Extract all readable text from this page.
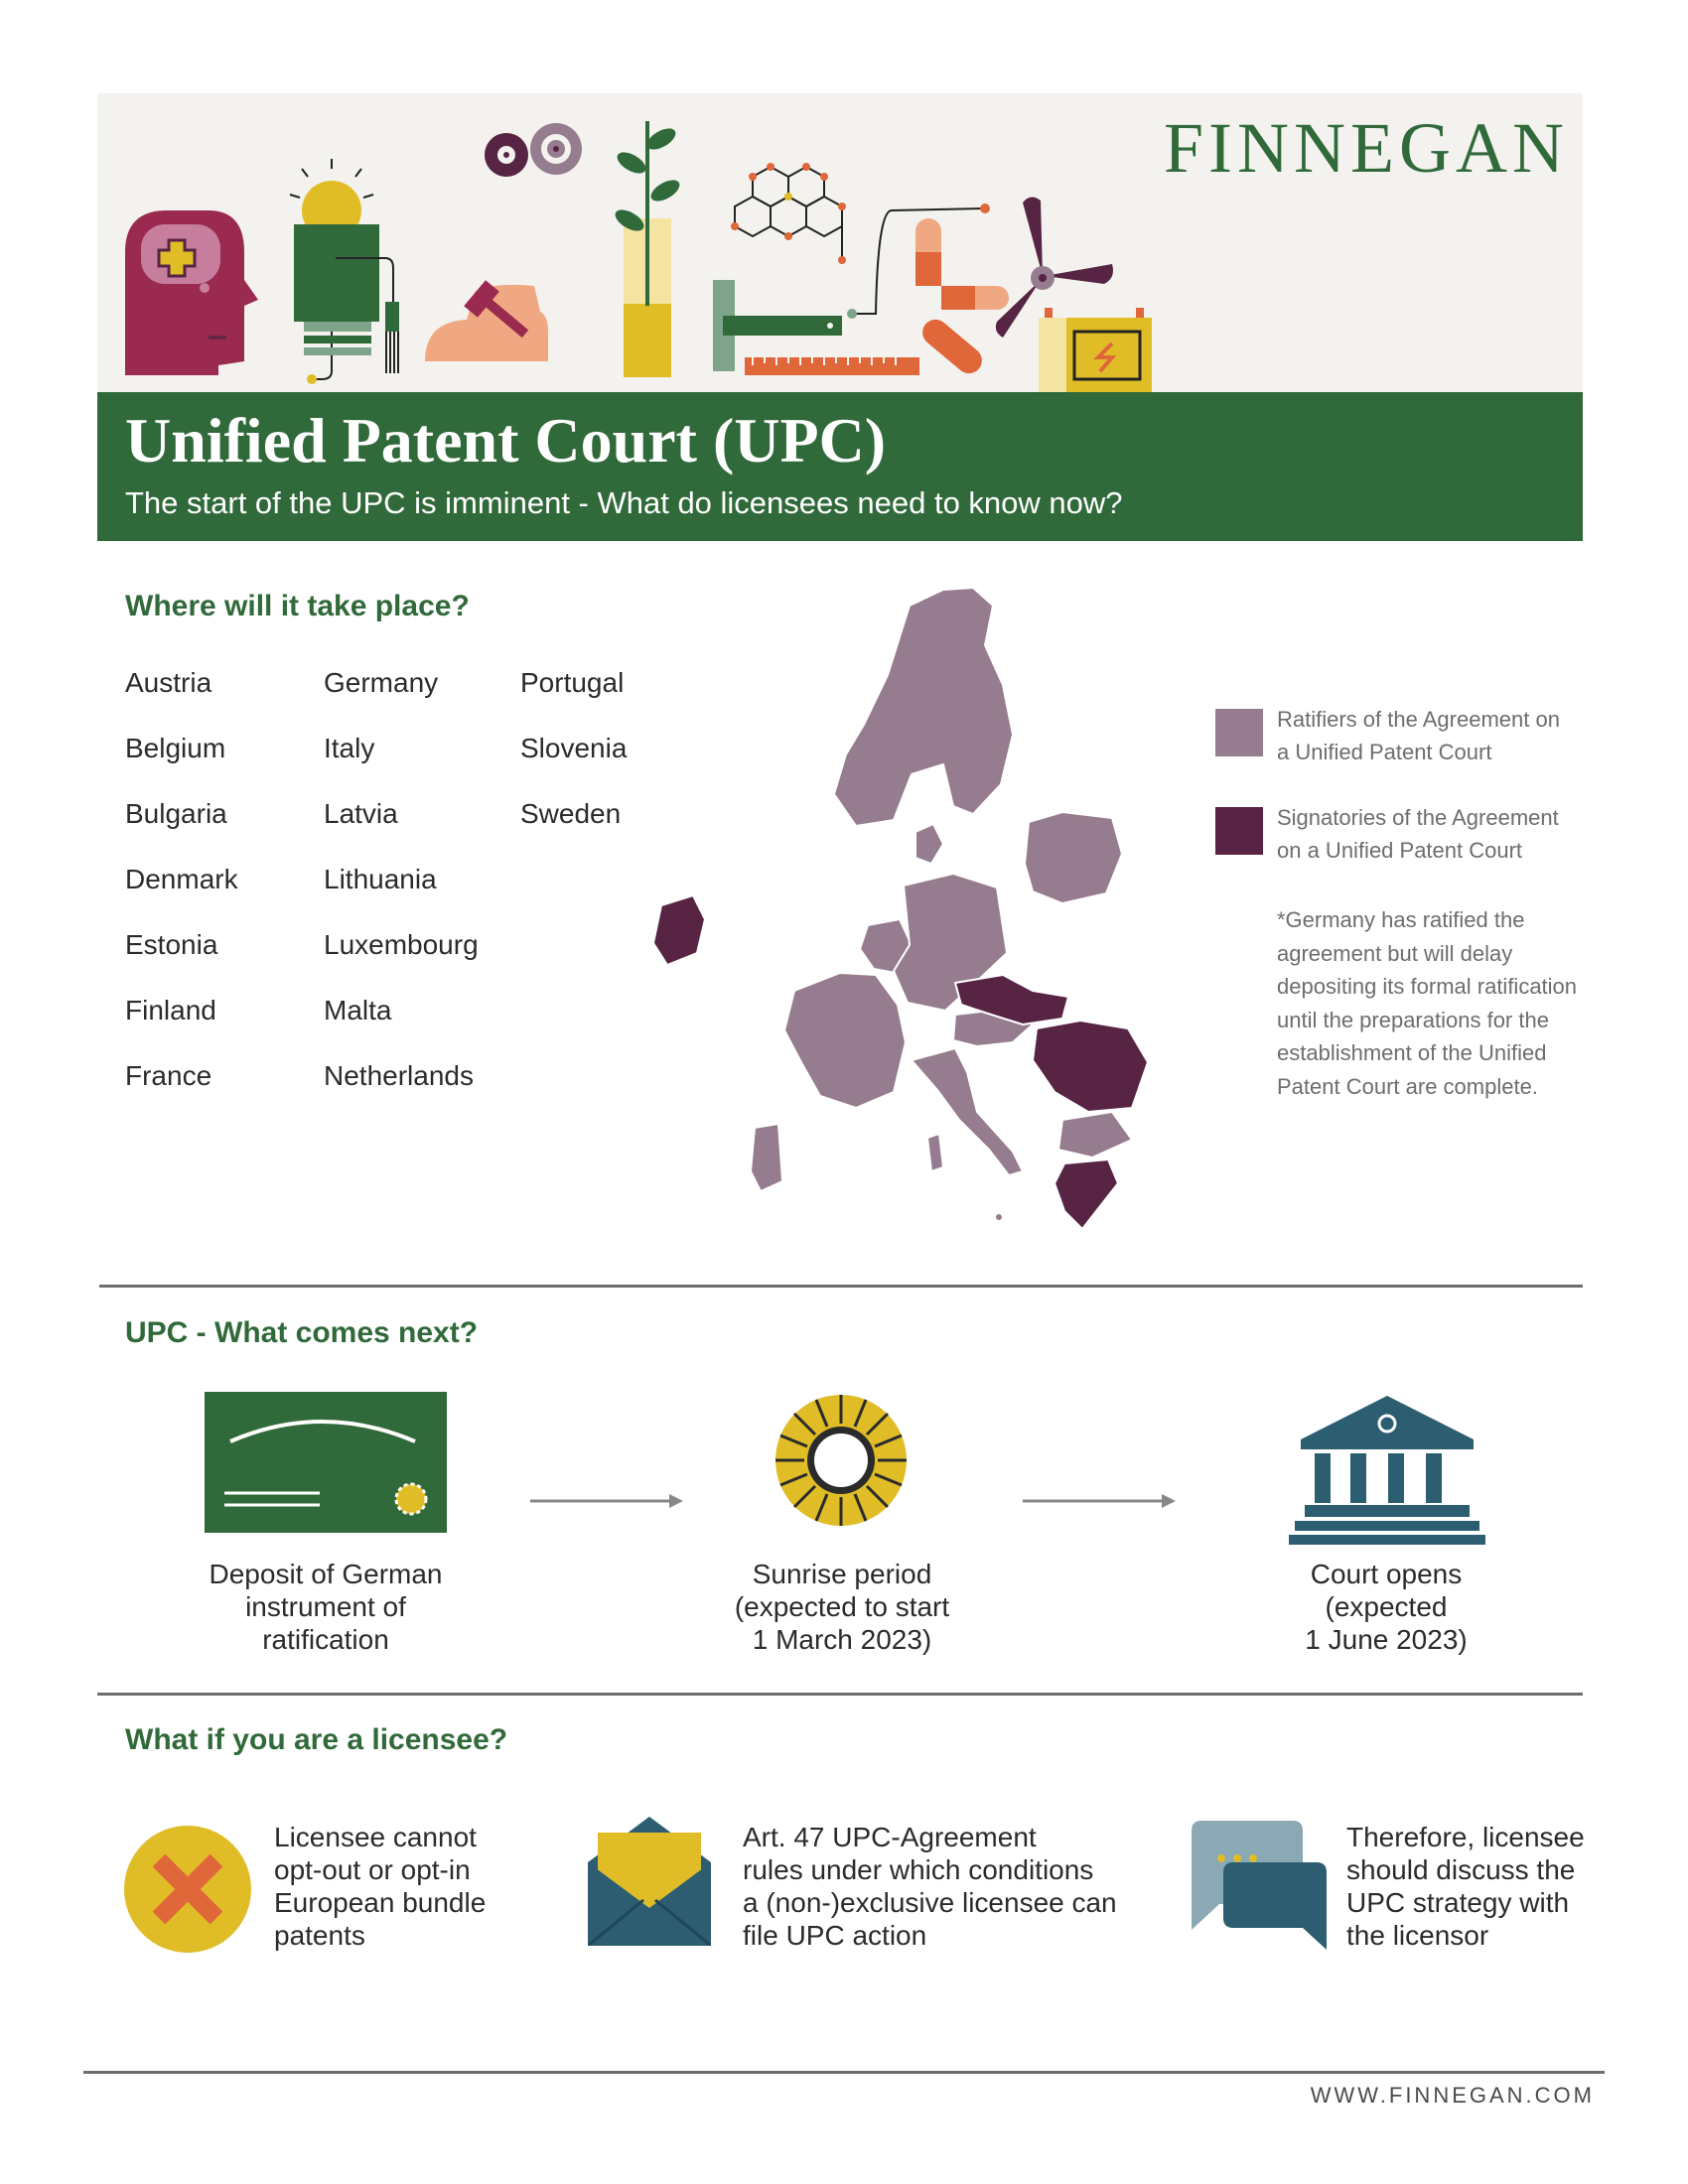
FINNEGAN
Unified Patent Court (UPC)
The start of the UPC is imminent - What do licensees need to know now?
Where will it take place?
Austria
Belgium
Bulgaria
Denmark
Estonia
Finland
France
Germany
Italy
Latvia
Lithuania
Luxembourg
Malta
Netherlands
Portugal
Slovenia
Sweden
Ratifiers of the Agreement on
a Unified Patent Court
Signatories of the Agreement
on a Unified Patent Court
*Germany has ratified the
agreement but will delay
depositing its formal ratification
until the preparations for the
establishment of the Unified
Patent Court are complete.
UPC - What comes next?
Deposit of German
instrument of
ratification
Sunrise period
(expected to start
1 March 2023)
Court opens
(expected
1 June 2023)
What if you are a licensee?
Licensee cannot
opt-out or opt-in
European bundle
patents
Art. 47 UPC-Agreement
rules under which conditions
a (non-)exclusive licensee can
file UPC action
Therefore, licensee
should discuss the
UPC strategy with
the licensor
WWW.FINNEGAN.COM
